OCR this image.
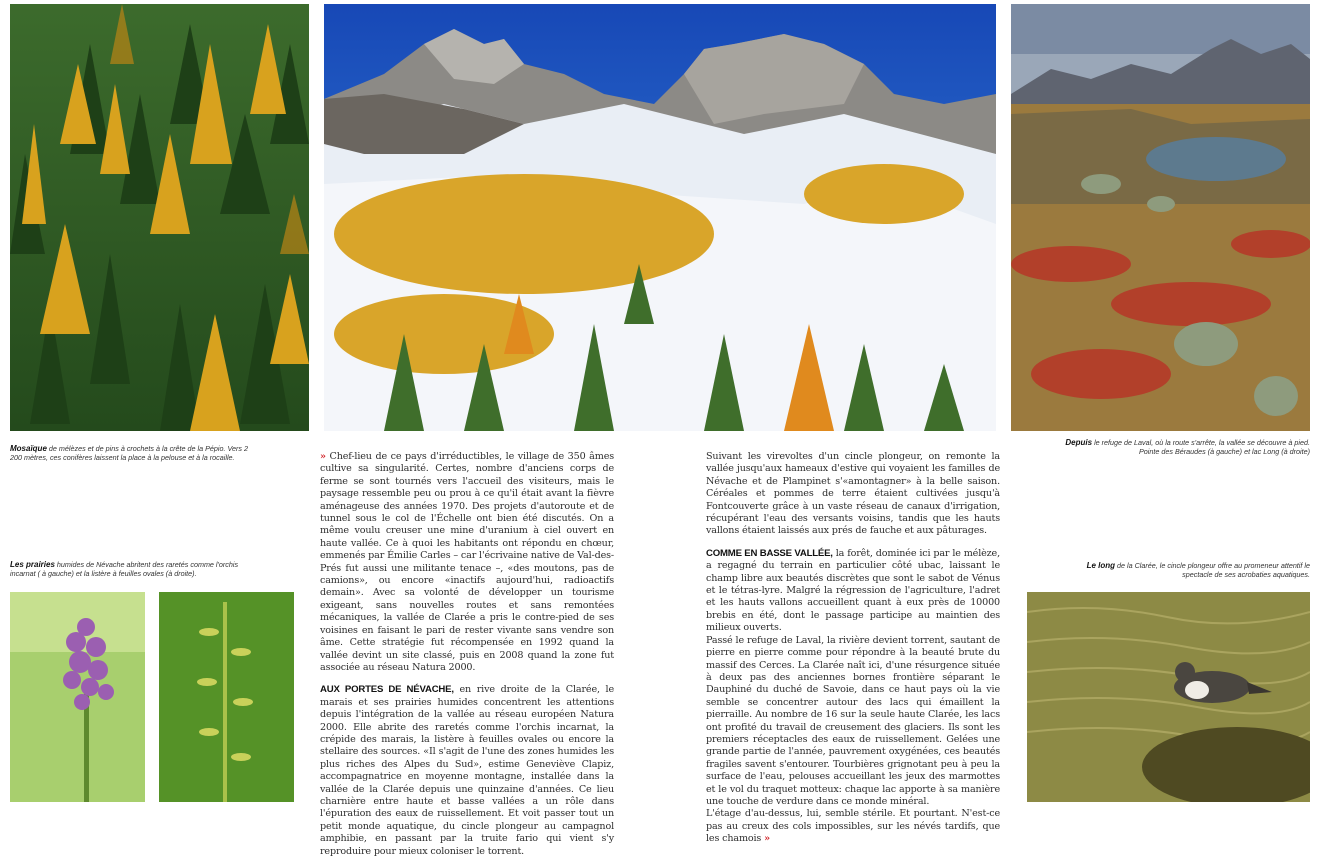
Mosaïque de mélèzes et de pins à crochets à la crête de la Pépio. Vers 2 200 mètres, ces conifères laissent la place à la pelouse et à la rocaille.
Les prairies humides de Névache abritent des raretés comme l'orchis incarnat ( à gauche) et la listère à feuilles ovales (à droite).
Depuis le refuge de Laval, où la route s'arrête, la vallée se découvre à pied. Pointe des Béraudes (à gauche) et lac Long (à droite)
Le long de la Clarée, le cincle plongeur offre au promeneur attentif le spectacle de ses acrobaties aquatiques.

» Chef-lieu de ce pays d'irréductibles, le village de 350 âmes cultive sa singularité. Certes, nombre d'anciens corps de ferme se sont tournés vers l'accueil des visiteurs, mais le paysage ressemble peu ou prou à ce qu'il était avant la fièvre aménageuse des années 1970. Des projets d'autoroute et de tunnel sous le col de l'Échelle ont bien été discutés. On a même voulu creuser une mine d'uranium à ciel ouvert en haute vallée. Ce à quoi les habitants ont répondu en chœur, emmenés par Émilie Carles – car l'écrivaine native de Val-des-Prés fut aussi une militante tenace –, «des moutons, pas de camions», ou encore «inactifs aujourd'hui, radioactifs demain». Avec sa volonté de développer un tourisme exigeant, sans nouvelles routes et sans remontées mécaniques, la vallée de Clarée a pris le contre-pied de ses voisines en faisant le pari de rester vivante sans vendre son âme. Cette stratégie fut récompensée en 1992 quand la vallée devint un site classé, puis en 2008 quand la zone fut associée au réseau Natura 2000.

AUX PORTES DE NÉVACHE, en rive droite de la Clarée, le marais et ses prairies humides concentrent les attentions depuis l'intégration de la vallée au réseau européen Natura 2000. Elle abrite des raretés comme l'orchis incarnat, la crépide des marais, la listère à feuilles ovales ou encore la stellaire des sources. «Il s'agit de l'une des zones humides les plus riches des Alpes du Sud», estime Geneviève Clapiz, accompagnatrice en moyenne montagne, installée dans la vallée de la Clarée depuis une quinzaine d'années. Ce lieu charnière entre haute et basse vallées a un rôle dans l'épuration des eaux de ruissellement. Et voit passer tout un petit monde aquatique, du cincle plongeur au campagnol amphibie, en passant par la truite fario qui vient s'y reproduire pour mieux coloniser le torrent.

Suivant les virevoltes d'un cincle plongeur, on remonte la vallée jusqu'aux hameaux d'estive qui voyaient les familles de Névache et de Plampinet s'«amontagner» à la belle saison. Céréales et pommes de terre étaient cultivées jusqu'à Fontcouverte grâce à un vaste réseau de canaux d'irrigation, récupérant l'eau des versants voisins, tandis que les hauts vallons étaient laissés aux prés de fauche et aux pâturages.

COMME EN BASSE VALLÉE, la forêt, dominée ici par le mélèze, a regagné du terrain en particulier côté ubac, laissant le champ libre aux beautés discrètes que sont le sabot de Vénus et le tétras-lyre. Malgré la régression de l'agriculture, l'adret et les hauts vallons accueillent quant à eux près de 10000 brebis en été, dont le passage participe au maintien des milieux ouverts.

Passé le refuge de Laval, la rivière devient torrent, sautant de pierre en pierre comme pour répondre à la beauté brute du massif des Cerces. La Clarée naît ici, d'une résurgence située à deux pas des anciennes bornes frontière séparant le Dauphiné du duché de Savoie, dans ce haut pays où la vie semble se concentrer autour des lacs qui émaillent la pierraille. Au nombre de 16 sur la seule haute Clarée, les lacs ont profité du travail de creusement des glaciers. Ils sont les premiers réceptacles des eaux de ruissellement. Gelées une grande partie de l'année, pauvrement oxygénées, ces beautés fragiles savent s'entourer. Tourbières grignotant peu à peu la surface de l'eau, pelouses accueillant les jeux des marmottes et le vol du traquet motteux: chaque lac apporte à sa manière une touche de verdure dans ce monde minéral.

L'étage d'au-dessus, lui, semble stérile. Et pourtant. N'est-ce pas au creux des cols impossibles, sur les névés tardifs, que les chamois »
